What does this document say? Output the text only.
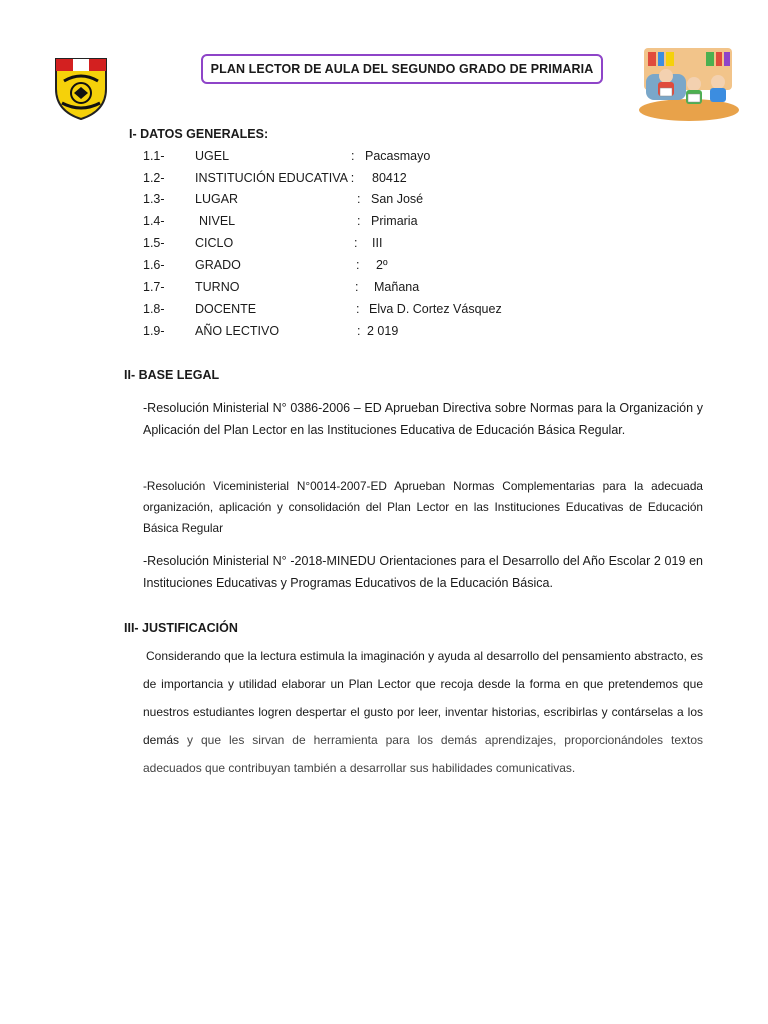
PLAN LECTOR DE AULA DEL SEGUNDO GRADO DE PRIMARIA
I- DATOS GENERALES:
1.1- UGEL	: Pacasmayo
1.2- INSTITUCIÓN EDUCATIVA : 80412
1.3- LUGAR	: San José
1.4-	NIVEL	: Primaria
1.5- CICLO	: III
1.6- GRADO	: 2º
1.7- TURNO	: Mañana
1.8- DOCENTE	: Elva D. Cortez Vásquez
1.9- AÑO LECTIVO	: 2 019
II- BASE LEGAL
-Resolución Ministerial N° 0386-2006 – ED Aprueban Directiva sobre Normas para la Organización y Aplicación del Plan Lector en las Instituciones Educativa de Educación Básica Regular.
-Resolución Viceministerial N°0014-2007-ED Aprueban Normas Complementarias para la adecuada organización, aplicación y consolidación del Plan Lector en las Instituciones Educativas de Educación Básica Regular
-Resolución Ministerial N° -2018-MINEDU Orientaciones para el Desarrollo del Año Escolar 2 019 en Instituciones Educativas y Programas Educativos de la Educación Básica.
III- JUSTIFICACIÓN
Considerando que la lectura estimula la imaginación y ayuda al desarrollo del pensamiento abstracto, es de importancia y utilidad elaborar un Plan Lector que recoja desde la forma en que pretendemos que nuestros estudiantes logren despertar el gusto por leer, inventar historias, escribirlas y contárselas a los demás y que les sirvan de herramienta para los demás aprendizajes, proporcionándoles textos adecuados que contribuyan también a desarrollar sus habilidades comunicativas.
